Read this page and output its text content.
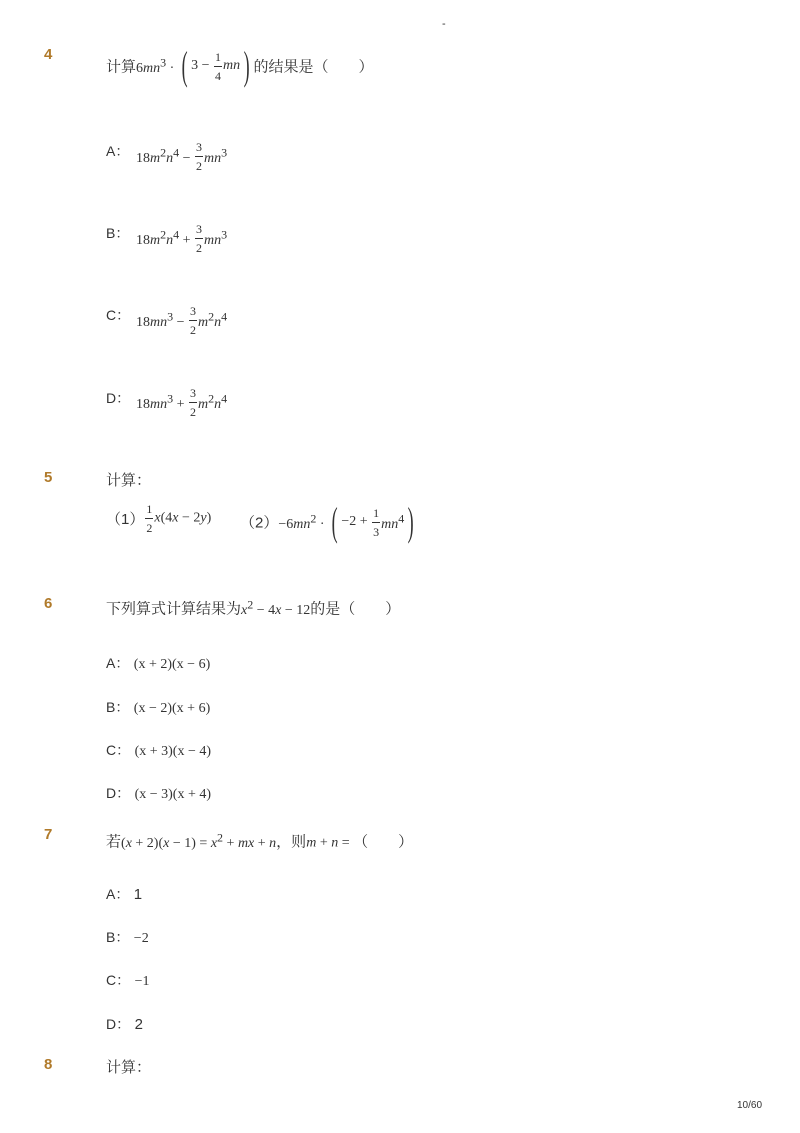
-
4
计算$6mn^3$ · ( $3 - \frac{1}{4} mn$) 的结果是（　　）
A： $18m^2n^4 - \frac{3}{2} mn^3$
B： $18m^2n^4 + \frac{3}{2} mn^3$
C： $18mn^3 - \frac{3}{2} m^2n^4$
D： $18mn^3 + \frac{3}{2} m^2n^4$
5	计算：
$(1) \frac{1}{2} x(4x - 2y) (2)-6mn^2$ · ( $-2 + \frac{1}{3} mn^4$)
6	下列算式计算结果为$x^2 - 4x - 12$的是（　　）
A： (x + 2)(x − 6)
B： (x − 2)(x + 6)
C： (x + 3)(x − 4)
D： (x − 3)(x + 4)
7	若$(x + 2)(x - 1) = x^2$ + mx + n，则m + n = （　　）
A： 1
B： −2
C： −1
D： 2
8	计算：
10/60
